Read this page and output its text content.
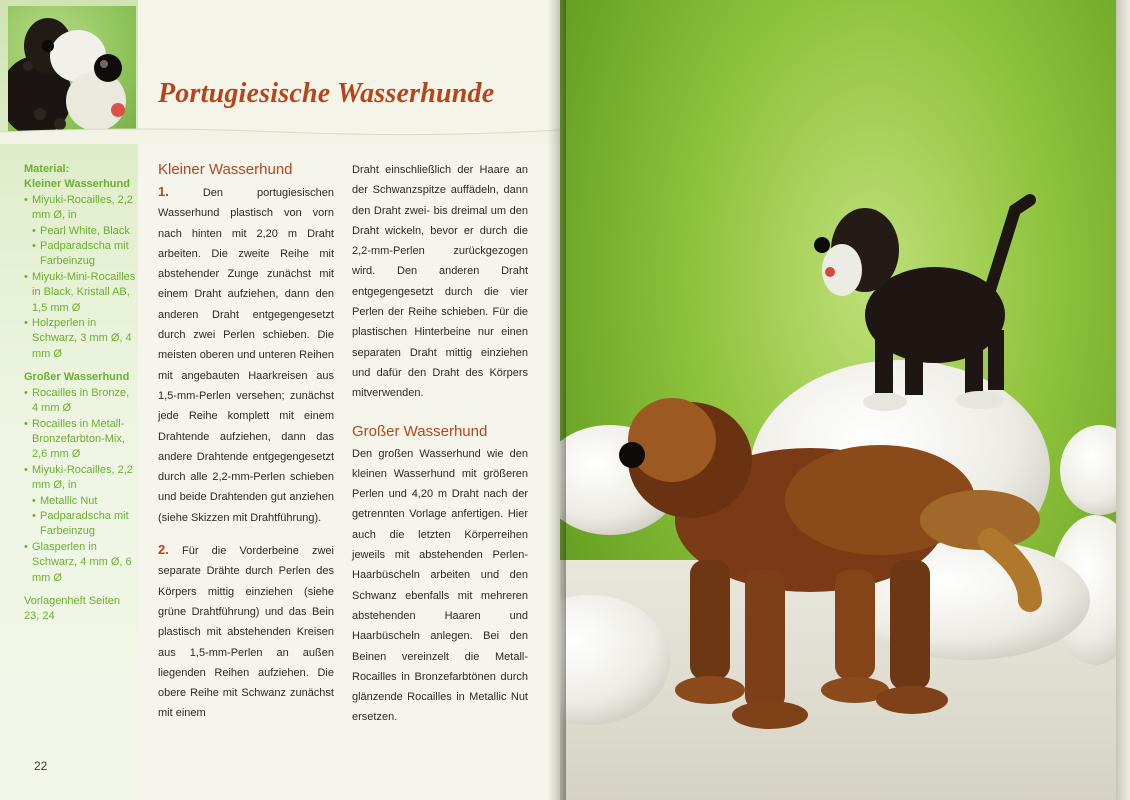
Portugiesische Wasserhunde
Material:
Kleiner Wasserhund
• Miyuki-Rocailles, 2,2 mm Ø, in
• Pearl White, Black
• Padparadscha mit Farbeinzug
• Miyuki-Mini-Rocailles in Black, Kristall AB, 1,5 mm Ø
• Holzperlen in Schwarz, 3 mm Ø, 4 mm Ø
Großer Wasserhund
• Rocailles in Bronze, 4 mm Ø
• Rocailles in Metall-Bronzefarbton-Mix, 2,6 mm Ø
• Miyuki-Rocailles, 2,2 mm Ø, in
• Metallic Nut
• Padparadscha mit Farbeinzug
• Glasperlen in Schwarz, 4 mm Ø, 6 mm Ø
Vorlagenheft Seiten 23, 24
Kleiner Wasserhund

1.	Den portugiesischen Wasserhund plastisch von vorn nach hinten mit 2,20 m Draht arbeiten. Die zweite Reihe mit abstehender Zunge zunächst mit einem Draht aufziehen, dann den anderen Draht entgegengesetzt durch zwei Perlen schieben. Die meisten oberen und unteren Reihen mit angebauten Haarkreisen aus 1,5-mm-Perlen versehen; zunächst jede Reihe komplett mit einem Drahtende aufziehen, dann das andere Drahtende entgegengesetzt durch alle 2,2-mm-Perlen schieben und beide Drahtenden gut anziehen (siehe Skizzen mit Drahtführung).

2. Für die Vorderbeine zwei separate Drähte durch Perlen des Körpers mittig einziehen (siehe grüne Drahtführung) und das Bein plastisch mit abstehenden Kreisen aus 1,5-mm-Perlen an außen liegenden Reihen aufziehen. Die obere Reihe mit Schwanz zunächst mit einem

Draht einschließlich der Haare an der Schwanzspitze auffädeln, dann den Draht zwei- bis dreimal um den Draht wickeln, bevor er durch die 2,2-mm-Perlen zurückgezogen wird. Den anderen Draht entgegengesetzt durch die vier Perlen der Reihe schieben. Für die plastischen Hinterbeine nur einen separaten Draht mittig einziehen und dafür den Draht des Körpers mitverwenden.

Großer Wasserhund

Den großen Wasserhund wie den kleinen Wasserhund mit größeren Perlen und 4,20 m Draht nach der getrennten Vorlage anfertigen. Hier auch die letzten Körperreihen jeweils mit abstehenden Perlen-Haarbüscheln arbeiten und den Schwanz ebenfalls mit mehreren abstehenden Haaren und Haarbüscheln anlegen. Bei den Beinen vereinzelt die Metall-Rocailles in Bronzefarbtönen durch glänzende Rocailles in Metallic Nut ersetzen.

22
